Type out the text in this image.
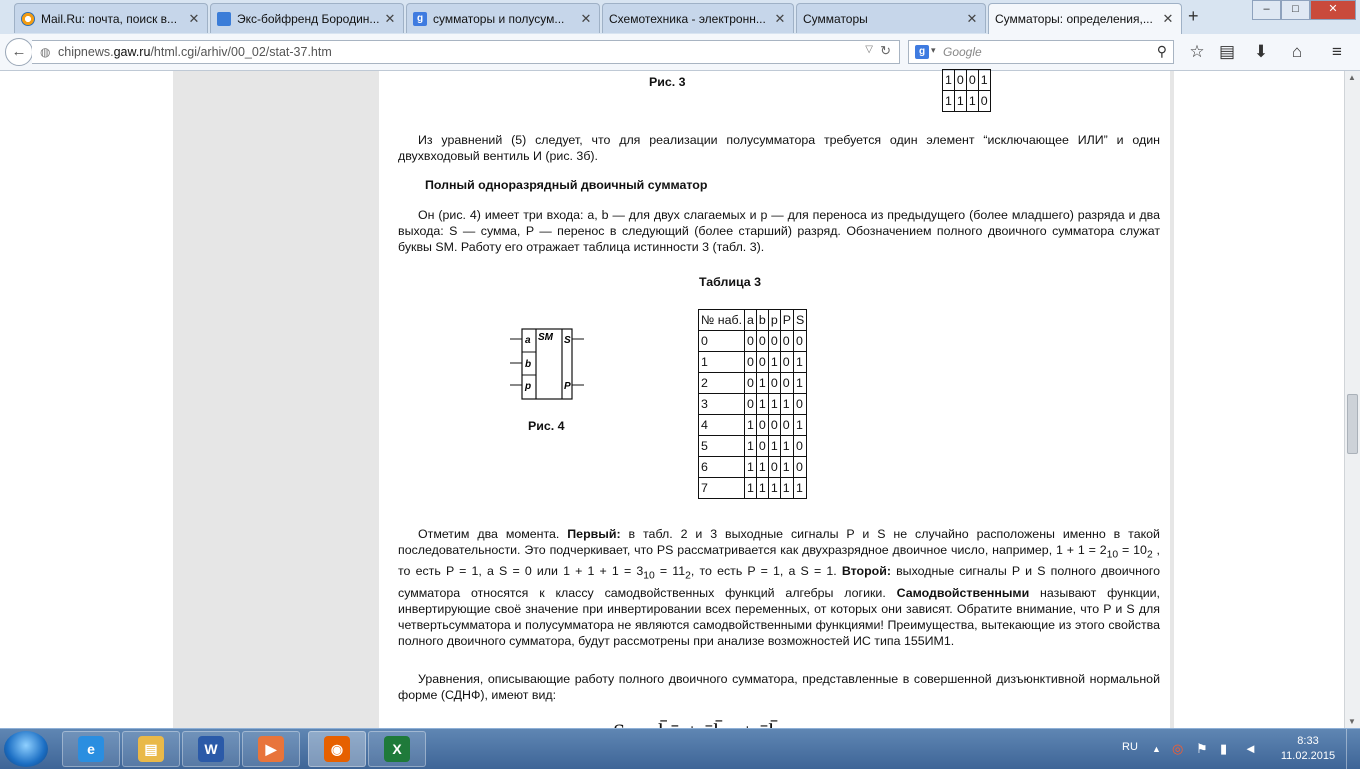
Mail.Ru: почта, поиск в... ✕	Экс-бойфренд Бородин... ✕	g сумматоры и полусум...	✕ Схемотехника - электронн... ✕ Сумматоры	✕ Сумматоры: определения,... ✕ +	–	□	✕
←	◍ chipnews.gaw.ru/html.cgi/arhiv/00_02/stat-37.htm	▽ ↻	g ▾ Google	⚲ ☆ ▤ ⬇	⌂	≡
Рис. 3	1	0	0	1
1	1	1	0
Из уравнений (5) следует, что для реализации полусумматора требуется один элемент “исключающее ИЛИ” и один двухвходовый вентиль И (рис. 3б).
Полный одноразрядный двоичный сумматор
Он (рис. 4) имеет три входа: a, b — для двух слагаемых и p — для переноса из предыдущего (более младшего) разряда и два выхода: S — сумма, P — перенос в следующий (более старший) разряд. Обозначением полного двоичного сумматора служат буквы SM. Работу его отражает таблица истинности 3 (табл. 3).
Таблица 3
SM
a
b
p
S
P
Рис. 4
№ наб.	a	b	p	P	S
0	0	0	0	0	0
1	0	0	1	0	1
2	0	1	0	0	1
3	0	1	1	1	0
4	1	0	0	0	1
5	1	0	1	1	0
6	1	1	0	1	0
7	1	1	1	1	1
Отметим два момента. Первый: в табл. 2 и 3 выходные сигналы P и S не случайно расположены именно в такой последовательности. Это подчеркивает, что PS рассматривается как двухразрядное двоичное число, например, $1 + 1 = 2_{10} = 10_2$ , то есть P = 1, a S = 0 или $1 + 1 + 1 = 3_{10} = 11_2$, то есть P = 1, a S = 1. Второй: выходные сигналы P и S полного двоичного сумматора относятся к классу самодвойственных функций алгебры логики. Самодвойственными называют функции, инвертирующие своё значение при инвертировании всех переменных, от которых они зависят. Обратите внимание, что P и S для четвертьсумматора и полусумматора не являются самодвойственными функциями! Преимущества, вытекающие из этого свойства полного двоичного сумматора, будут рассмотрены при анализе возможностей ИС типа 155ИМ1.
Уравнения, описывающие работу полного двоичного сумматора, представленные в совершенной дизъюнктивной нормальной форме (СДНФ), имеют вид:
▲
▼
e	▤	W	▶	◉	X	RU ▲ ◎ ⚑ ▮ ◄	8:33
11.02.2015
